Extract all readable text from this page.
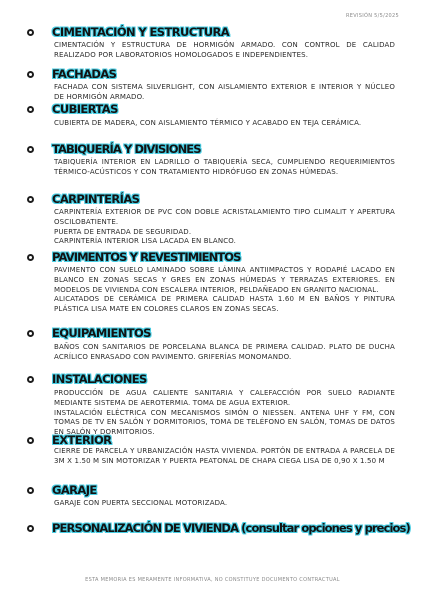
REVISIÓN 5/5/2025
CIMENTACIÓN Y ESTRUCTURA

CIMENTACIÓN Y ESTRUCTURA DE HORMIGÓN ARMADO. CON CONTROL DE CALIDAD REALIZADO POR LABORATORIOS HOMOLOGADOS E INDEPENDIENTES.

FACHADAS

FACHADA CON SISTEMA SILVERLIGHT, CON AISLAMIENTO EXTERIOR E INTERIOR Y NÚCLEO DE HORMIGÓN ARMADO.

CUBIERTAS

CUBIERTA DE MADERA, CON AISLAMIENTO TÉRMICO Y ACABADO EN TEJA CERÁMICA.

TABIQUERÍA Y DIVISIONES

TABIQUERÍA INTERIOR EN LADRILLO O TABIQUERÍA SECA, CUMPLIENDO REQUERIMIENTOS TÉRMICO-ACÚSTICOS Y CON TRATAMIENTO HIDRÓFUGO EN ZONAS HÚMEDAS.

CARPINTERÍAS

CARPINTERÍA EXTERIOR DE PVC CON DOBLE ACRISTALAMIENTO TIPO CLIMALIT Y APERTURA OSCILOBATIENTE.

PUERTA DE ENTRADA DE SEGURIDAD.

CARPINTERÍA INTERIOR LISA LACADA EN BLANCO.

PAVIMENTOS Y REVESTIMIENTOS

PAVIMENTO CON SUELO LAMINADO SOBRE LÁMINA ANTIIMPACTOS Y RODAPIÉ LACADO EN BLANCO EN ZONAS SECAS Y GRES EN ZONAS HÚMEDAS Y TERRAZAS EXTERIORES. EN MODELOS DE VIVIENDA CON ESCALERA INTERIOR, PELDAÑEADO EN GRANITO NACIONAL.

ALICATADOS DE CERÁMICA DE PRIMERA CALIDAD HASTA 1.60 M EN BAÑOS Y PINTURA PLÁSTICA LISA MATE EN COLORES CLAROS EN ZONAS SECAS.

EQUIPAMIENTOS

BAÑOS CON SANITARIOS DE PORCELANA BLANCA DE PRIMERA CALIDAD. PLATO DE DUCHA ACRÍLICO ENRASADO CON PAVIMENTO. GRIFERÍAS MONOMANDO.

INSTALACIONES

PRODUCCIÓN DE AGUA CALIENTE SANITARIA Y CALEFACCIÓN POR SUELO RADIANTE MEDIANTE SISTEMA DE AEROTERMIA. TOMA DE AGUA EXTERIOR.

INSTALACIÓN ELÉCTRICA CON MECANISMOS SIMÓN O NIESSEN. ANTENA UHF Y FM, CON TOMAS DE TV EN SALÓN Y DORMITORIOS, TOMA DE TELÉFONO EN SALÓN, TOMAS DE DATOS EN SALÓN Y DORMITORIOS.

EXTERIOR

CIERRE DE PARCELA Y URBANIZACIÓN HASTA VIVIENDA. PORTÓN DE ENTRADA A PARCELA DE 3M X 1.50 M SIN MOTORIZAR Y PUERTA PEATONAL DE CHAPA CIEGA LISA DE 0,90 X 1.50 M

GARAJE

GARAJE CON PUERTA SECCIONAL MOTORIZADA.

PERSONALIZACIÓN DE VIVIENDA (consultar opciones y precios)
ESTA MEMORIA ES MERAMENTE INFORMATIVA, NO CONSTITUYE DOCUMENTO CONTRACTUAL
